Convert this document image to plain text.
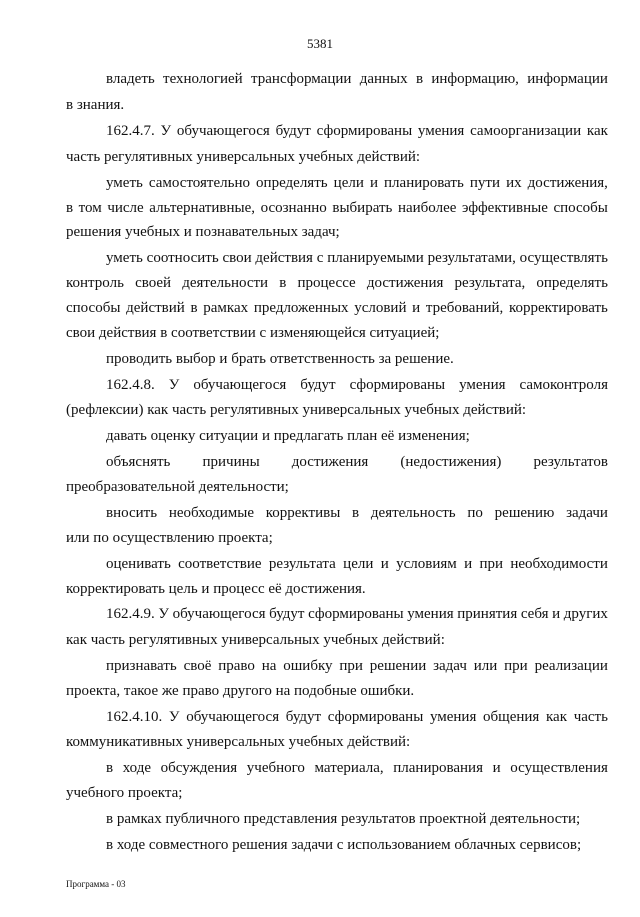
5381
владеть технологией трансформации данных в информацию, информации
в знания.
162.4.7. У обучающегося будут сформированы умения самоорганизации как
часть регулятивных универсальных учебных действий:
уметь самостоятельно определять цели и планировать пути их достижения,
в том числе альтернативные, осознанно выбирать наиболее эффективные способы
решения учебных и познавательных задач;
уметь соотносить свои действия с планируемыми результатами, осуществлять
контроль своей деятельности в процессе достижения результата, определять
способы действий в рамках предложенных условий и требований, корректировать
свои действия в соответствии с изменяющейся ситуацией;
проводить выбор и брать ответственность за решение.
162.4.8. У обучающегося будут сформированы умения самоконтроля
(рефлексии) как часть регулятивных универсальных учебных действий:
давать оценку ситуации и предлагать план её изменения;
объяснять причины достижения (недостижения) результатов
преобразовательной деятельности;
вносить необходимые коррективы в деятельность по решению задачи
или по осуществлению проекта;
оценивать соответствие результата цели и условиям и при необходимости
корректировать цель и процесс её достижения.
162.4.9. У обучающегося будут сформированы умения принятия себя и других
как часть регулятивных универсальных учебных действий:
признавать своё право на ошибку при решении задач или при реализации
проекта, такое же право другого на подобные ошибки.
162.4.10. У обучающегося будут сформированы умения общения как часть
коммуникативных универсальных учебных действий:
в ходе обсуждения учебного материала, планирования и осуществления
учебного проекта;
в рамках публичного представления результатов проектной деятельности;
в ходе совместного решения задачи с использованием облачных сервисов;
Программа - 03
